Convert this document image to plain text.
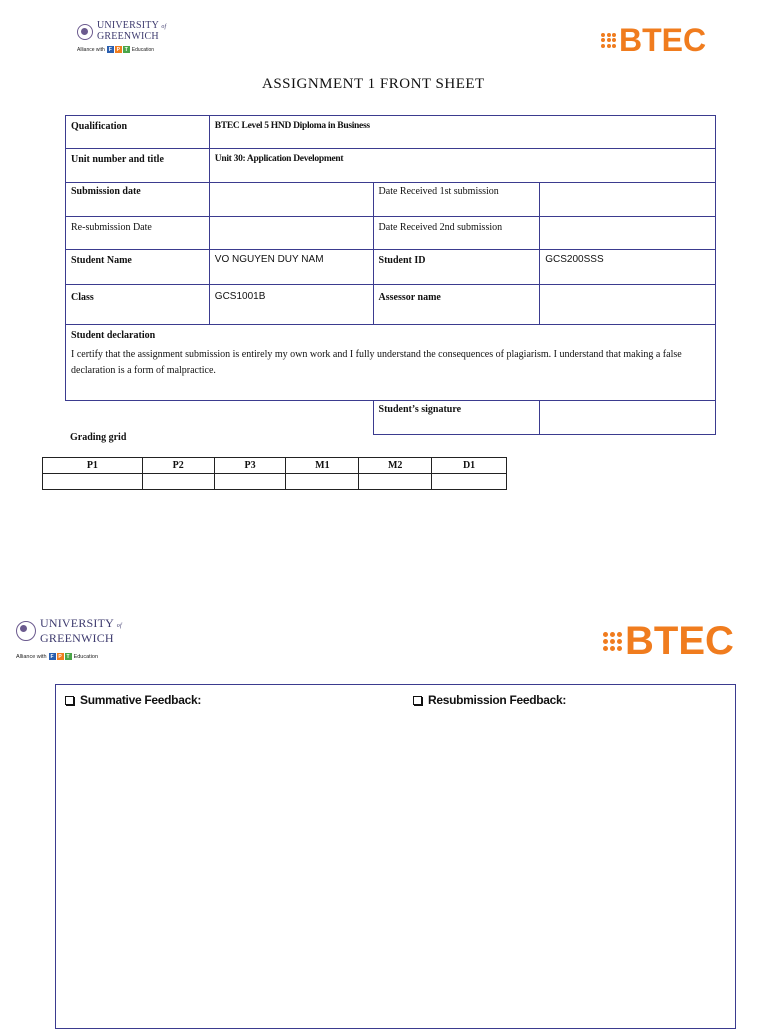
UNIVERSITY of
GREENWICH
Alliance with F P T Education	BTEC
ASSIGNMENT 1 FRONT SHEET
Qualification	BTEC Level 5 HND Diploma in Business		
Unit number and title	Unit 30: Application Development		
Submission date		Date Received 1st submission	
Re-submission Date		Date Received 2nd submission	
Student Name	VO NGUYEN DUY NAM	Student ID	GCS200SSS
Class	GCS1001B	Assessor name	

Student declaration
I certify that the assignment submission is entirely my own work and I fully understand the consequences of plagiarism. I understand that making a false declaration is a form of malpractice.			

		Student’s signature	
Grading grid
P1	P2	P3	M1	M2	D1

UNIVERSITY of
GREENWICH
Alliance with F P T Education	BTEC
Summative Feedback:	Resubmission Feedback:
